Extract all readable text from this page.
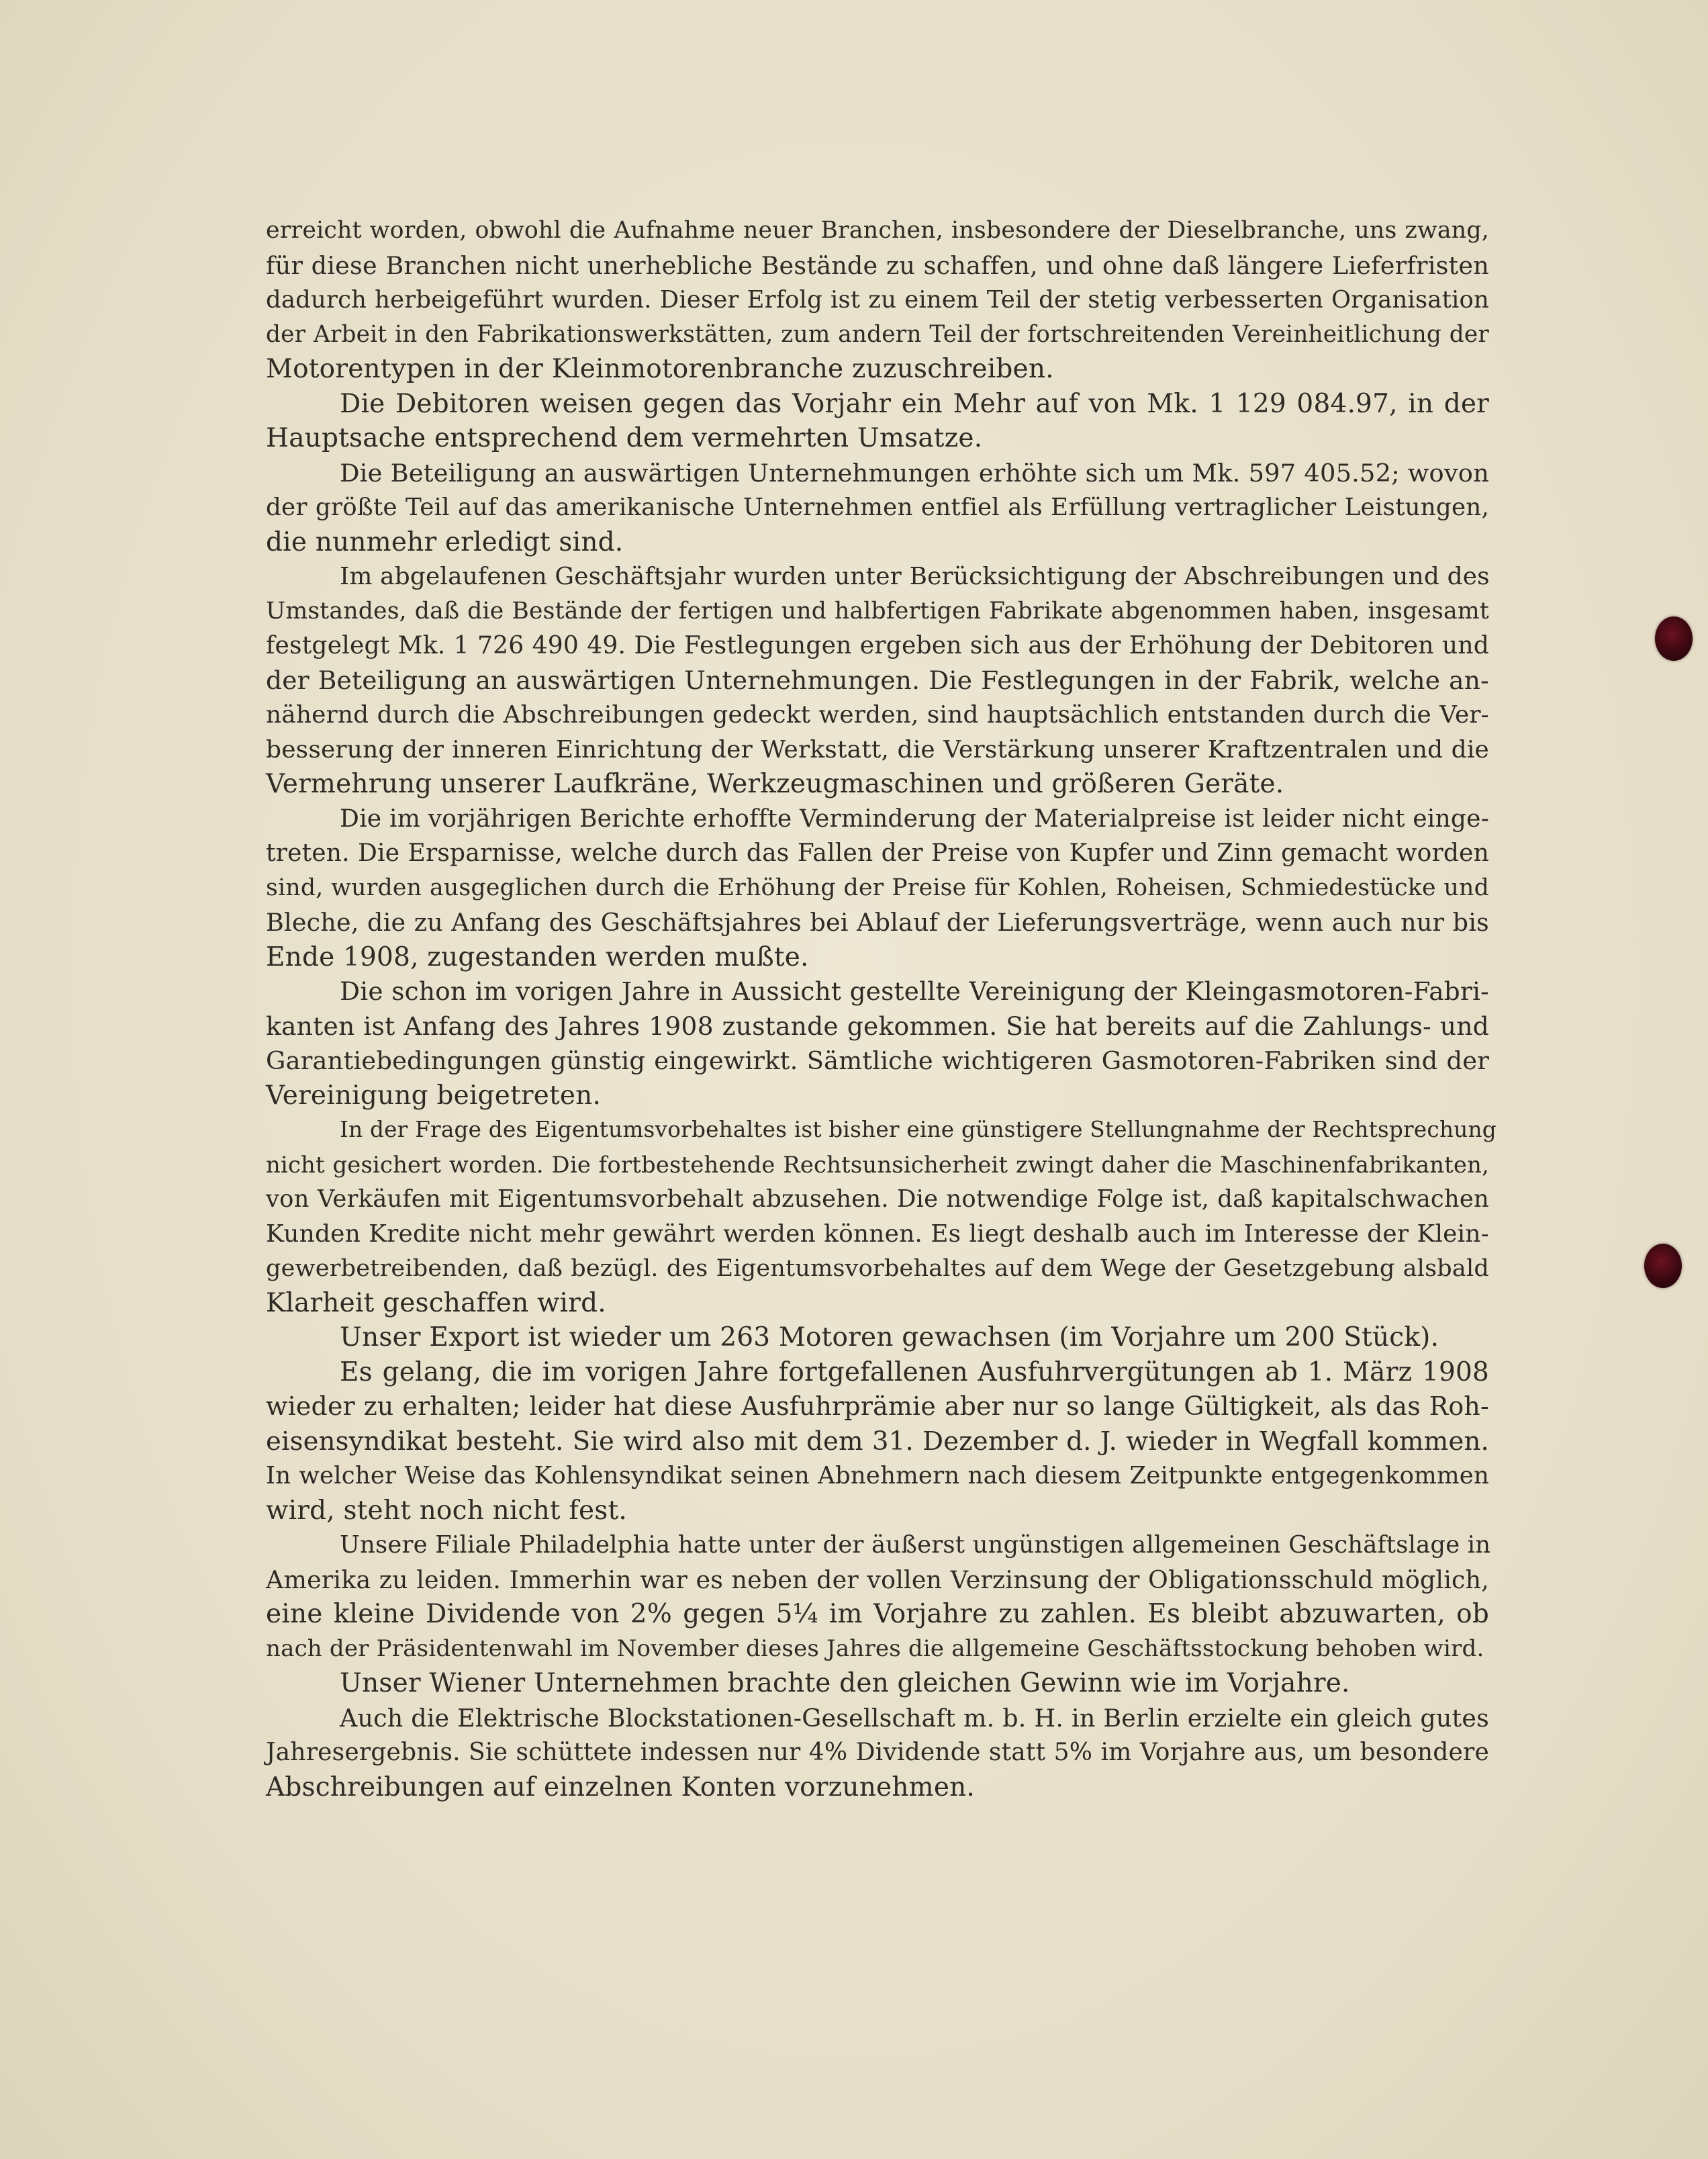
erreicht worden, obwohl die Aufnahme neuer Branchen, insbesondere der Dieselbranche, uns zwang,
für diese Branchen nicht unerhebliche Bestände zu schaffen, und ohne daß längere Lieferfristen
dadurch herbeigeführt wurden. Dieser Erfolg ist zu einem Teil der stetig verbesserten Organisation
der Arbeit in den Fabrikationswerkstätten, zum andern Teil der fortschreitenden Vereinheitlichung der
Motorentypen in der Kleinmotorenbranche zuzuschreiben.

Die Debitoren weisen gegen das Vorjahr ein Mehr auf von Mk. 1 129 084.97, in der
Hauptsache entsprechend dem vermehrten Umsatze.

Die Beteiligung an auswärtigen Unternehmungen erhöhte sich um Mk. 597 405.52; wovon
der größte Teil auf das amerikanische Unternehmen entfiel als Erfüllung vertraglicher Leistungen,
die nunmehr erledigt sind.

Im abgelaufenen Geschäftsjahr wurden unter Berücksichtigung der Abschreibungen und des
Umstandes, daß die Bestände der fertigen und halbfertigen Fabrikate abgenommen haben, insgesamt
festgelegt Mk. 1 726 490 49. Die Festlegungen ergeben sich aus der Erhöhung der Debitoren und
der Beteiligung an auswärtigen Unternehmungen. Die Festlegungen in der Fabrik, welche an-
nähernd durch die Abschreibungen gedeckt werden, sind hauptsächlich entstanden durch die Ver-
besserung der inneren Einrichtung der Werkstatt, die Verstärkung unserer Kraftzentralen und die
Vermehrung unserer Laufkräne, Werkzeugmaschinen und größeren Geräte.

Die im vorjährigen Berichte erhoffte Verminderung der Materialpreise ist leider nicht einge-
treten. Die Ersparnisse, welche durch das Fallen der Preise von Kupfer und Zinn gemacht worden
sind, wurden ausgeglichen durch die Erhöhung der Preise für Kohlen, Roheisen, Schmiedestücke und
Bleche, die zu Anfang des Geschäftsjahres bei Ablauf der Lieferungsverträge, wenn auch nur bis
Ende 1908, zugestanden werden mußte.

Die schon im vorigen Jahre in Aussicht gestellte Vereinigung der Kleingasmotoren-Fabri-
kanten ist Anfang des Jahres 1908 zustande gekommen. Sie hat bereits auf die Zahlungs- und
Garantiebedingungen günstig eingewirkt. Sämtliche wichtigeren Gasmotoren-Fabriken sind der
Vereinigung beigetreten.

In der Frage des Eigentumsvorbehaltes ist bisher eine günstigere Stellungnahme der Rechtsprechung
nicht gesichert worden. Die fortbestehende Rechtsunsicherheit zwingt daher die Maschinenfabrikanten,
von Verkäufen mit Eigentumsvorbehalt abzusehen. Die notwendige Folge ist, daß kapitalschwachen
Kunden Kredite nicht mehr gewährt werden können. Es liegt deshalb auch im Interesse der Klein-
gewerbetreibenden, daß bezügl. des Eigentumsvorbehaltes auf dem Wege der Gesetzgebung alsbald
Klarheit geschaffen wird.

Unser Export ist wieder um 263 Motoren gewachsen (im Vorjahre um 200 Stück).

Es gelang, die im vorigen Jahre fortgefallenen Ausfuhrvergütungen ab 1. März 1908
wieder zu erhalten; leider hat diese Ausfuhrprämie aber nur so lange Gültigkeit, als das Roh-
eisensyndikat besteht. Sie wird also mit dem 31. Dezember d. J. wieder in Wegfall kommen.
In welcher Weise das Kohlensyndikat seinen Abnehmern nach diesem Zeitpunkte entgegenkommen
wird, steht noch nicht fest.

Unsere Filiale Philadelphia hatte unter der äußerst ungünstigen allgemeinen Geschäftslage in
Amerika zu leiden. Immerhin war es neben der vollen Verzinsung der Obligationsschuld möglich,
eine kleine Dividende von 2% gegen 5¼ im Vorjahre zu zahlen. Es bleibt abzuwarten, ob
nach der Präsidentenwahl im November dieses Jahres die allgemeine Geschäftsstockung behoben wird.

Unser Wiener Unternehmen brachte den gleichen Gewinn wie im Vorjahre.

Auch die Elektrische Blockstationen-Gesellschaft m. b. H. in Berlin erzielte ein gleich gutes
Jahresergebnis. Sie schüttete indessen nur 4% Dividende statt 5% im Vorjahre aus, um besondere
Abschreibungen auf einzelnen Konten vorzunehmen.
